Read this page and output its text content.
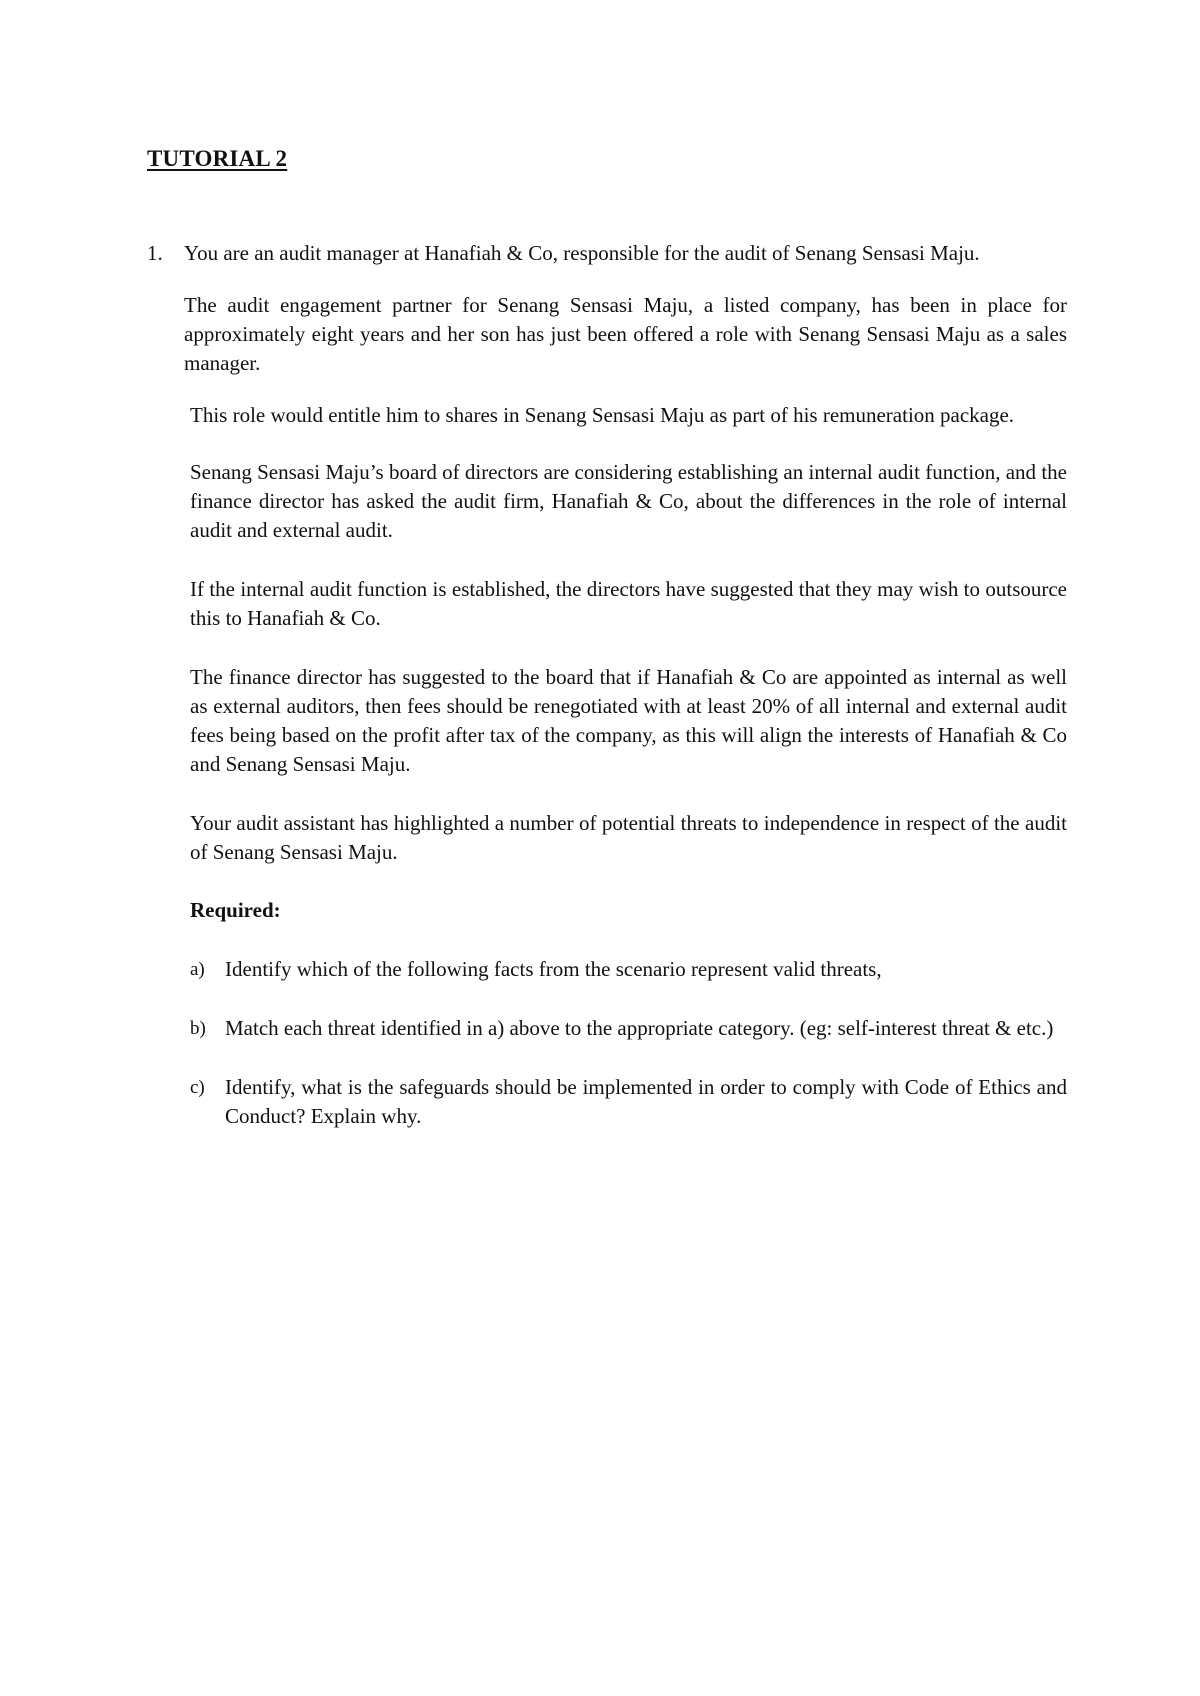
TUTORIAL 2
1.	You are an audit manager at Hanafiah & Co, responsible for the audit of Senang Sensasi Maju.

The audit engagement partner for Senang Sensasi Maju, a listed company, has been in place for approximately eight years and her son has just been offered a role with Senang Sensasi Maju as a sales manager.

This role would entitle him to shares in Senang Sensasi Maju as part of his remuneration package.

Senang Sensasi Maju’s board of directors are considering establishing an internal audit function, and the finance director has asked the audit firm, Hanafiah & Co, about the differences in the role of internal audit and external audit.

If the internal audit function is established, the directors have suggested that they may wish to outsource this to Hanafiah & Co.

The finance director has suggested to the board that if Hanafiah & Co are appointed as internal as well as external auditors, then fees should be renegotiated with at least 20% of all internal and external audit fees being based on the profit after tax of the company, as this will align the interests of Hanafiah & Co and Senang Sensasi Maju.

Your audit assistant has highlighted a number of potential threats to independence in respect of the audit of Senang Sensasi Maju.

Required:

a) Identify which of the following facts from the scenario represent valid threats,
b) Match each threat identified in a) above to the appropriate category. (eg: self-interest threat & etc.)
c) Identify, what is the safeguards should be implemented in order to comply with Code of Ethics and Conduct? Explain why.
